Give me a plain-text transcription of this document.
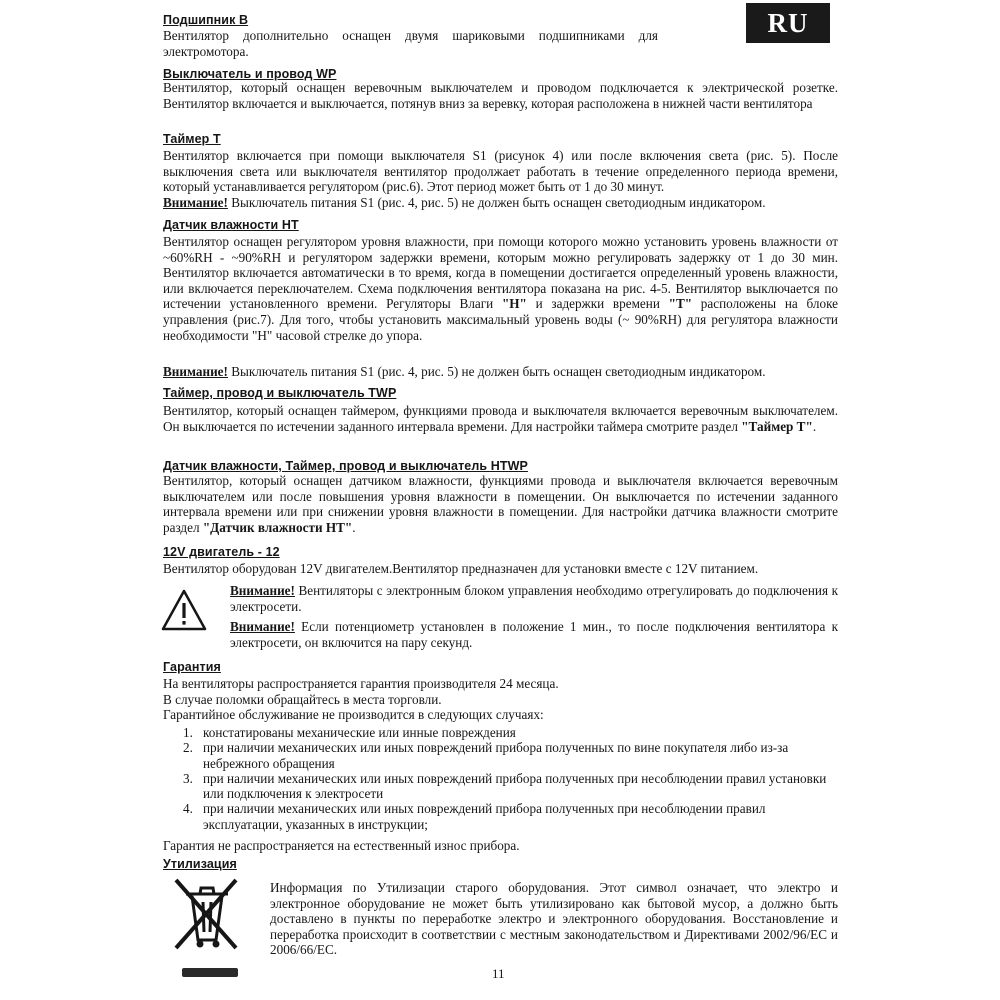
RU
Подшипник B
Вентилятор дополнительно оснащен двумя шариковыми подшипниками для электромотора.
Выключатель и провод WP
Вентилятор, который оснащен веревочным выключателем и проводом подключается к электрической розетке. Вентилятор включается и выключается, потянув вниз за веревку, которая расположена в нижней части вентилятора
Таймер T
Вентилятор включается при помощи выключателя S1 (рисунок 4) или после включения света (рис. 5). После выключения света или выключателя вентилятор продолжает работать в течение определенного периода времени, который устанавливается регулятором (рис.6). Этот период может быть от 1 до 30 минут.
Внимание! Выключатель питания S1 (рис. 4, рис. 5) не должен быть оснащен светодиодным индикатором.
Датчик влажности HT
Вентилятор оснащен регулятором уровня влажности, при помощи которого можно установить уровень влажности от ~60%RH - ~90%RH и регулятором задержки времени, которым можно регулировать задержку от 1 до 30 мин. Вентилятор включается автоматически в то время, когда в помещении достигается определенный уровень влажности, или включается переключателем. Схема подключения вентилятора показана на рис. 4-5. Вентилятор выключается по истечении установленного времени. Регуляторы Влаги "Н" и задержки времени "Т" расположены на блоке управления (рис.7). Для того, чтобы установить максимальный уровень воды (~ 90%RH) для регулятора влажности необходимости "Н" часовой стрелке до упора.
Внимание! Выключатель питания S1 (рис. 4, рис. 5) не должен быть оснащен светодиодным индикатором.
Таймер, провод и выключатель TWP
Вентилятор, который оснащен таймером, функциями провода и выключателя включается веревочным выключателем. Он выключается по истечении заданного интервала времени. Для настройки таймера смотрите раздел "Таймер T".
Датчик влажности, Таймер, провод и выключатель HTWP
Вентилятор, который оснащен датчиком влажности, функциями провода и выключателя включается веревочным выключателем или после повышения уровня влажности в помещении. Он выключается по истечении заданного интервала времени или при снижении уровня влажности в помещении. Для настройки датчика влажности смотрите раздел "Датчик влажности HT".
12V двигатель - 12
Вентилятор оборудован 12V двигателем.Вентилятор предназначен для установки вместе с 12V питанием.
Внимание! Вентиляторы с электронным блоком управления необходимо отрегулировать до подключения к электросети.
Внимание! Если потенциометр установлен в положение 1 мин., то после подключения вентилятора к электросети, он включится на пару секунд.
Гарантия
На вентиляторы распространяется гарантия производителя 24 месяца.
В случае поломки обращайтесь в места торговли.
Гарантийное обслуживание не производится в следующих случаях:
1. констатированы механические или инные повреждения
2. при наличии механических или иных повреждений прибора полученных по вине покупателя либо из-за небрежного обращения
3. при наличии механических или иных повреждений прибора полученных при несоблюдении правил установки или подключения к электросети
4. при наличии механических или иных повреждений прибора полученных при несоблюдении правил эксплуатации, указанных в инструкции;
Гарантия не распространяется на естественный износ прибора.
Утилизация
Информация по Утилизации старого оборудования. Этот символ означает, что электро и электронное оборудование не может быть утилизировано как бытовой мусор, а должно быть доставлено в пункты по переработке электро и электронного оборудования. Восстановление и переработка происходит в соответствии с местным законодательством и Директивами 2002/96/EC и 2006/66/EC.
11
